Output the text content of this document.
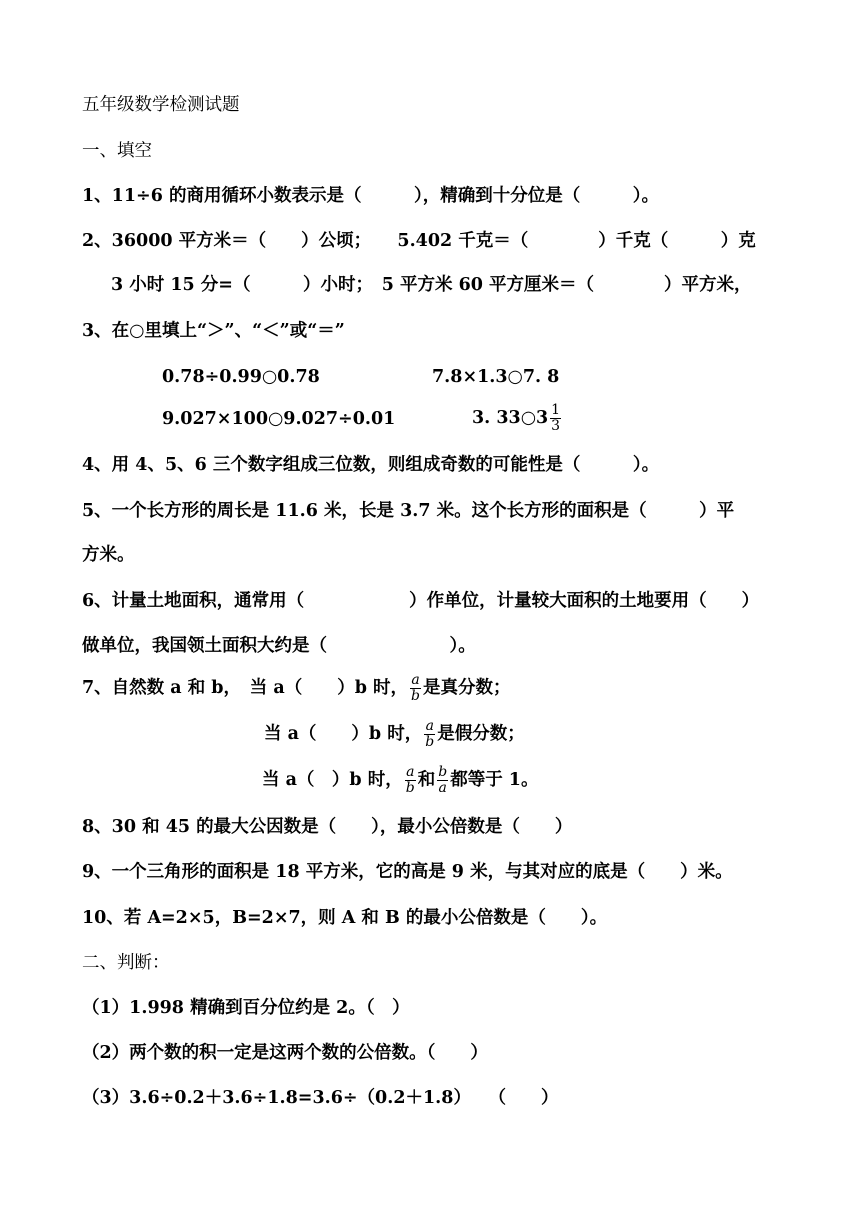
五年级数学检测试题
一、填空
1、11÷6 的商用循环小数表示是（　　　），精确到十分位是（　　　）。
2、36000 平方米＝（　　）公顷；　　5.402 千克＝（　　　　）千克（　　　）克
3 小时 15 分=（　　　）小时；　5 平方米 60 平方厘米＝（　　　　）平方米，
3、在○里填上“＞”、“＜”或“＝”
0.78÷0.99○0.78	7.8×1.3○7. 8
9.027×100○9.027÷0.01	3. 33○3 $\frac{1}{3}$
4、用 4、5、6 三个数字组成三位数，则组成奇数的可能性是（　　　）。
5、一个长方形的周长是 11.6 米，长是 3.7 米。这个长方形的面积是（　　　）平
方米。
6、计量土地面积，通常用（　　　　　　）作单位，计量较大面积的土地要用（　　）
做单位，我国领土面积大约是（　　　　　　　）。
7、自然数 a 和 b，　当 a（　　）b 时， $\frac{a}{b}$ 是真分数；
当 a（　　）b 时， $\frac{a}{b}$ 是假分数；
当 a（　）b 时， $\frac{a}{b}$ 和 $\frac{b}{a}$ 都等于 1。
8、30 和 45 的最大公因数是（　　），最小公倍数是（　　）
9、一个三角形的面积是 18 平方米，它的高是 9 米，与其对应的底是（　　）米。
10、若 A=2×5，B=2×7，则 A 和 B 的最小公倍数是（　　）。
二、判断：
（1）1.998 精确到百分位约是 2。（　）
（2）两个数的积一定是这两个数的公倍数。（　　）
（3）3.6÷0.2＋3.6÷1.8=3.6÷（0.2＋1.8）　　（　　）
